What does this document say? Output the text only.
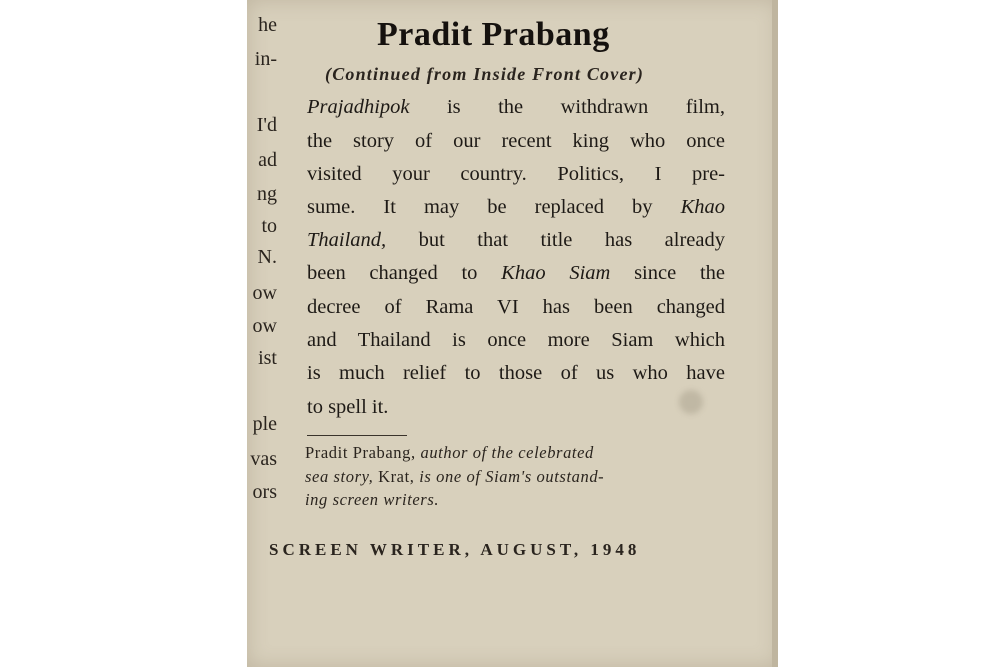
he
in-
I'd
ad
ng
to
N.
ow
ow
ist
ple
vas
ors
Pradit Prabang
(Continued from Inside Front Cover)
Prajadhipok is the withdrawn film,
the story of our recent king who once
visited your country. Politics, I pre-
sume. It may be replaced by Khao
Thailand, but that title has already
been changed to Khao Siam since the
decree of Rama VI has been changed
and Thailand is once more Siam which
is much relief to those of us who have
to spell it.
Pradit Prabang, author of the celebrated
sea story, Krat, is one of Siam's outstand-
ing screen writers.
SCREEN WRITER, AUGUST, 1948
